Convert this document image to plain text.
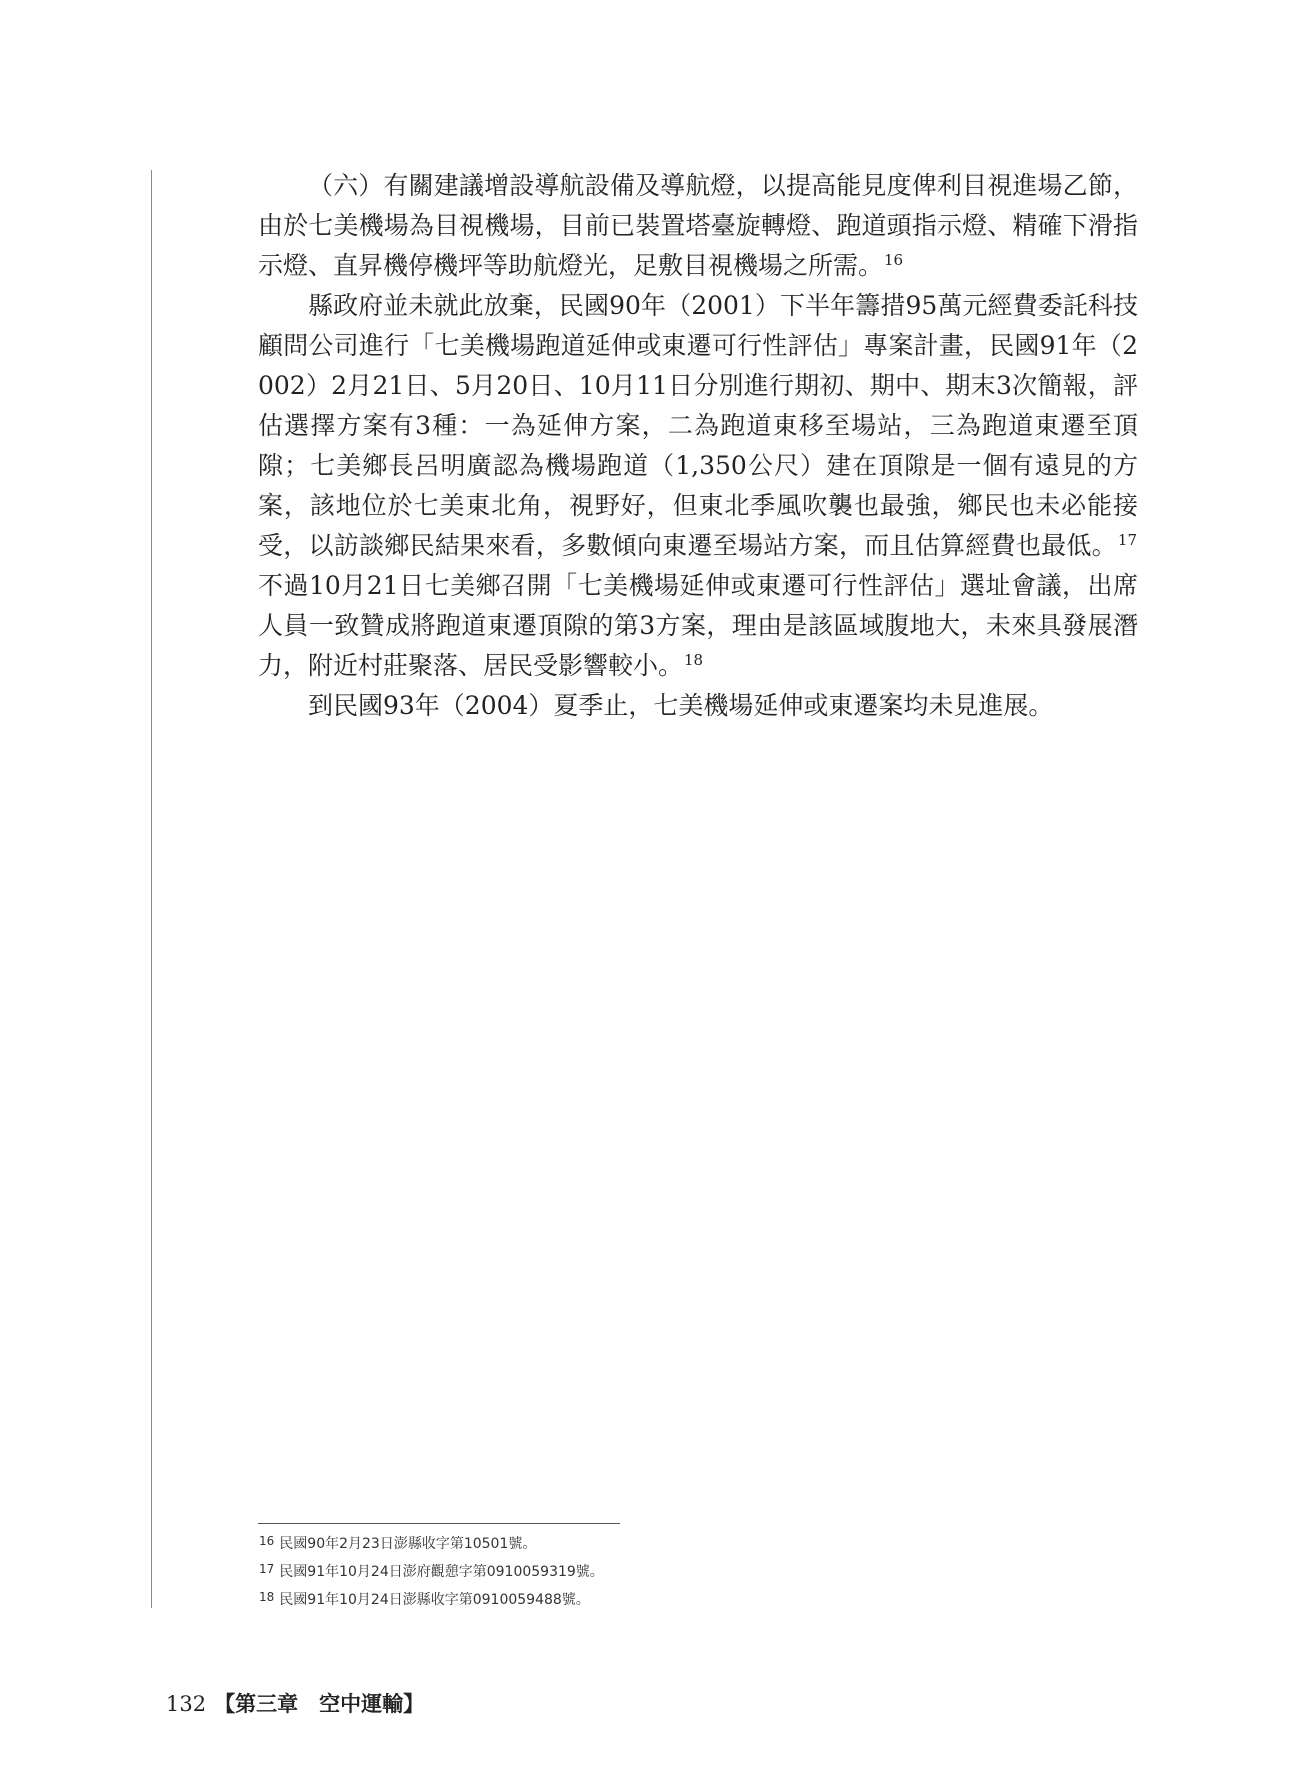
（六）有關建議增設導航設備及導航燈，以提高能見度俾利目視進場乙節，由於七美機場為目視機場，目前已裝置塔臺旋轉燈、跑道頭指示燈、精確下滑指示燈、直昇機停機坪等助航燈光，足敷目視機場之所需。$^{16}$

縣政府並未就此放棄，民國90年（2001）下半年籌措95萬元經費委託科技顧問公司進行「七美機場跑道延伸或東遷可行性評估」專案計畫，民國91年（2002）2月21日、5月20日、10月11日分別進行期初、期中、期末3次簡報，評估選擇方案有3種：一為延伸方案，二為跑道東移至場站，三為跑道東遷至頂隙；七美鄉長呂明廣認為機場跑道（1,350公尺）建在頂隙是一個有遠見的方案，該地位於七美東北角，視野好，但東北季風吹襲也最強，鄉民也未必能接受，以訪談鄉民結果來看，多數傾向東遷至場站方案，而且估算經費也最低。$^{17}$不過10月21日七美鄉召開「七美機場延伸或東遷可行性評估」選址會議，出席人員一致贊成將跑道東遷頂隙的第3方案，理由是該區域腹地大，未來具發展潛力，附近村莊聚落、居民受影響較小。$^{18}$

到民國93年（2004）夏季止，七美機場延伸或東遷案均未見進展。

$^{16}$ 民國90年2月23日澎縣收字第10501號。
$^{17}$ 民國91年10月24日澎府觀憩字第0910059319號。
$^{18}$ 民國91年10月24日澎縣收字第0910059488號。
132 【第三章　空中運輸】
